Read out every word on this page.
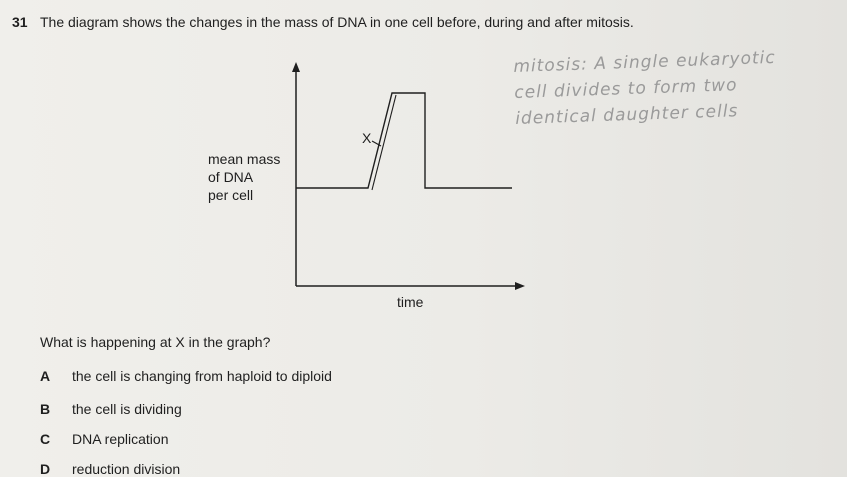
31 The diagram shows the changes in the mass of DNA in one cell before, during and after mitosis.
mean mass
of DNA
per cell
X
time
mitosis: A single eukaryotic
cell divides to form two
identical daughter cells
What is happening at X in the graph?
A the cell is changing from haploid to diploid
B the cell is dividing
C DNA replication
D reduction division
